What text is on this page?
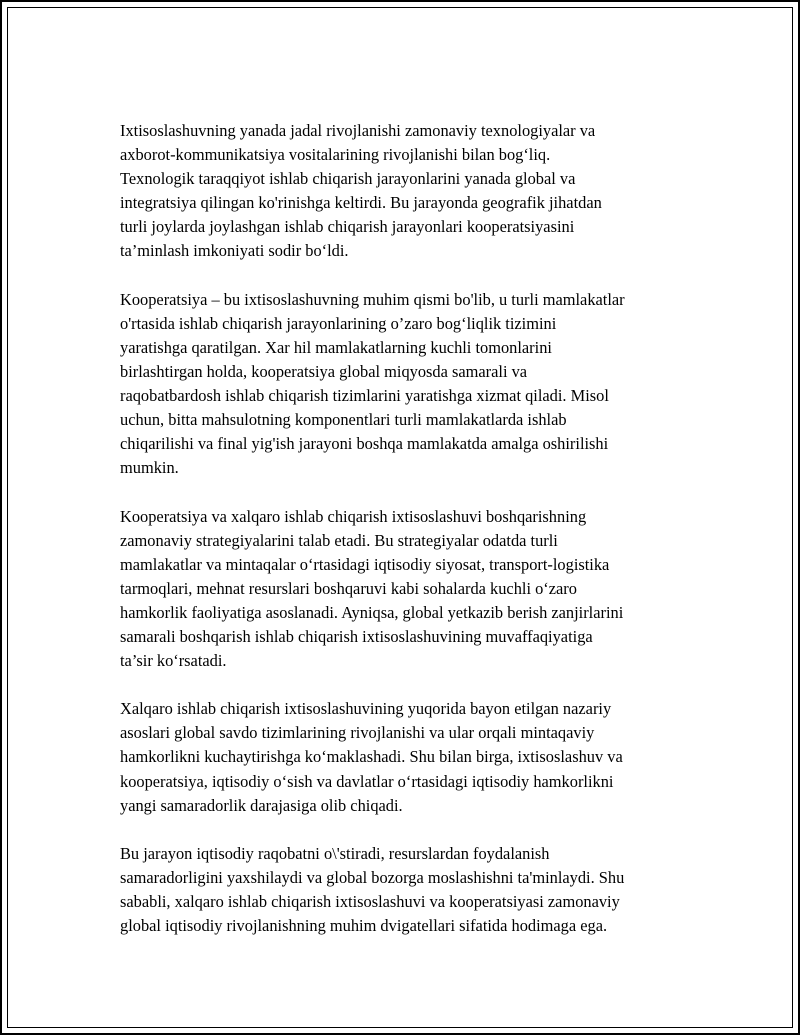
Ixtisoslashuvning yanada jadal rivojlanishi zamonaviy texnologiyalar va
axborot-kommunikatsiya vositalarining rivojlanishi bilan bog‘liq.
Texnologik taraqqiyot ishlab chiqarish jarayonlarini yanada global va
integratsiya qilingan ko'rinishga keltirdi. Bu jarayonda geografik jihatdan
turli joylarda joylashgan ishlab chiqarish jarayonlari kooperatsiyasini
ta’minlash imkoniyati sodir bo‘ldi.

Kooperatsiya – bu ixtisoslashuvning muhim qismi bo'lib, u turli mamlakatlar
o'rtasida ishlab chiqarish jarayonlarining o’zaro bog‘liqlik tizimini
yaratishga qaratilgan. Xar hil mamlakatlarning kuchli tomonlarini
birlashtirgan holda, kooperatsiya global miqyosda samarali va
raqobatbardosh ishlab chiqarish tizimlarini yaratishga xizmat qiladi. Misol
uchun, bitta mahsulotning komponentlari turli mamlakatlarda ishlab
chiqarilishi va final yig'ish jarayoni boshqa mamlakatda amalga oshirilishi
mumkin.

Kooperatsiya va xalqaro ishlab chiqarish ixtisoslashuvi boshqarishning
zamonaviy strategiyalarini talab etadi. Bu strategiyalar odatda turli
mamlakatlar va mintaqalar o‘rtasidagi iqtisodiy siyosat, transport-logistika
tarmoqlari, mehnat resurslari boshqaruvi kabi sohalarda kuchli o‘zaro
hamkorlik faoliyatiga asoslanadi. Ayniqsa, global yetkazib berish zanjirlarini
samarali boshqarish ishlab chiqarish ixtisoslashuvining muvaffaqiyatiga
ta’sir ko‘rsatadi.

Xalqaro ishlab chiqarish ixtisoslashuvining yuqorida bayon etilgan nazariy
asoslari global savdo tizimlarining rivojlanishi va ular orqali mintaqaviy
hamkorlikni kuchaytirishga ko‘maklashadi. Shu bilan birga, ixtisoslashuv va
kooperatsiya, iqtisodiy o‘sish va davlatlar o‘rtasidagi iqtisodiy hamkorlikni
yangi samaradorlik darajasiga olib chiqadi.

Bu jarayon iqtisodiy raqobatni o\'stiradi, resurslardan foydalanish
samaradorligini yaxshilaydi va global bozorga moslashishni ta'minlaydi. Shu
sababli, xalqaro ishlab chiqarish ixtisoslashuvi va kooperatsiyasi zamonaviy
global iqtisodiy rivojlanishning muhim dvigatellari sifatida hodimaga ega.
